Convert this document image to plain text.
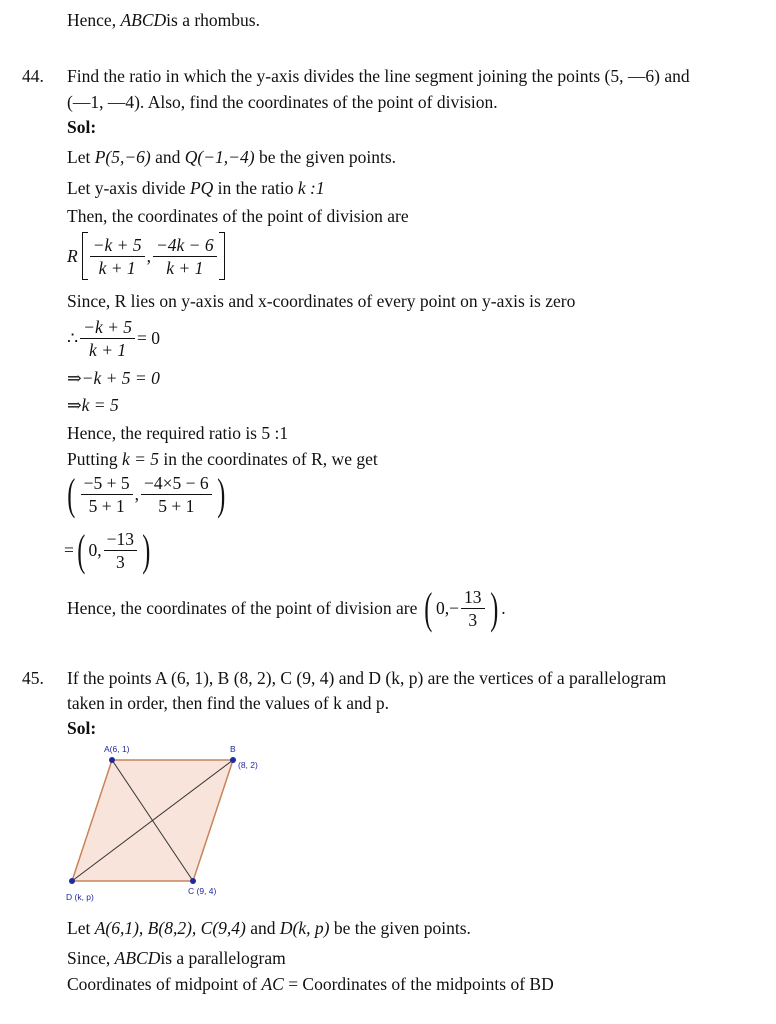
Hence, ABCDis a rhombus.
44. Find the ratio in which the y-axis divides the line segment joining the points (5, —6) and
(—1, —4). Also, find the coordinates of the point of division.
Sol:
Let P(5,−6) and Q(−1,−4) be the given points.
Let y-axis divide PQ in the ratio k :1
Then, the coordinates of the point of division are
R $\frac{-k + 5}{k + 1}$ , $\frac{-4k - 6}{k + 1}$
Since, R lies on y-axis and x-coordinates of every point on y-axis is zero
∴ $\frac{-k + 5}{k + 1} = 0$
⇒−k + 5 = 0
⇒k = 5
Hence, the required ratio is 5 :1
Putting k = 5 in the coordinates of R, we get
( $\frac{-5 + 5}{5 + 1}$ , $\frac{-4\times 5 - 6}{5 + 1}$ )
= ( 0, $\frac{-13}{3}$ )
Hence, the coordinates of the point of division are ( $0,- \frac{13}{3}$ ) .
45. If the points A (6, 1), B (8, 2), C (9, 4) and D (k, p) are the vertices of a parallelogram
taken in order, then find the values of k and p.
Sol:
A(6, 1)	B
(8, 2)
C (9, 4)
D (k, p)
Let A(6,1), B(8,2), C(9,4) and D(k, p) be the given points.
Since, ABCDis a parallelogram
Coordinates of midpoint of AC = Coordinates of the midpoints of BD
